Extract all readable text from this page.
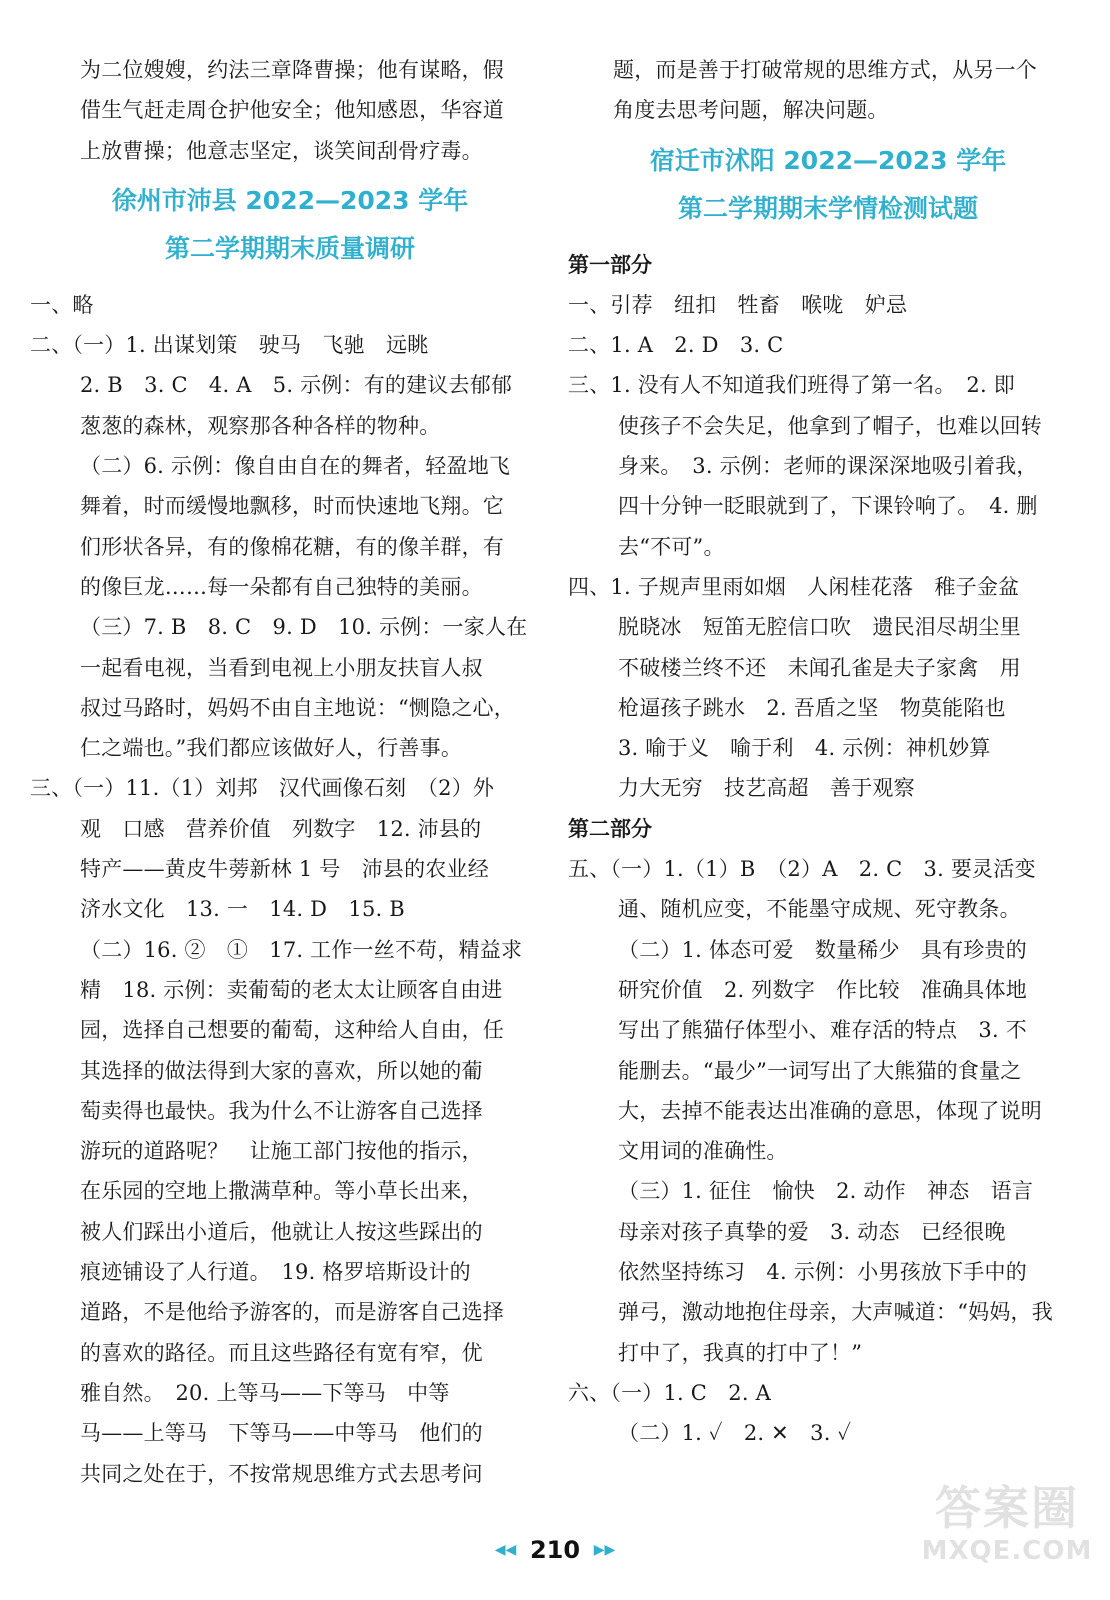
为二位嫂嫂，约法三章降曹操；他有谋略，假
借生气赶走周仓护他安全；他知感恩，华容道
上放曹操；他意志坚定，谈笑间刮骨疗毒。
徐州市沛县 2022—2023 学年
第二学期期末质量调研
一、略
二、（一）1. 出谋划策　驶马　飞驰　远眺
2. B　3. C　4. A　5. 示例：有的建议去郁郁
葱葱的森林，观察那各种各样的物种。
（二）6. 示例：像自由自在的舞者，轻盈地飞
舞着，时而缓慢地飘移，时而快速地飞翔。它
们形状各异，有的像棉花糖，有的像羊群，有
的像巨龙……每一朵都有自己独特的美丽。
（三）7. B　8. C　9. D　10. 示例：一家人在
一起看电视，当看到电视上小朋友扶盲人叔
叔过马路时，妈妈不由自主地说：“恻隐之心，
仁之端也。”我们都应该做好人，行善事。
三、（一）11.（1）刘邦　汉代画像石刻　（2）外
观　口感　营养价值　列数字　12. 沛县的
特产——黄皮牛蒡新林 1 号　沛县的农业经
济水文化　13. 一　14. D　15. B
（二）16. ②　①　17. 工作一丝不苟，精益求
精　18. 示例：卖葡萄的老太太让顾客自由进
园，选择自己想要的葡萄，这种给人自由，任
其选择的做法得到大家的喜欢，所以她的葡
萄卖得也最快。我为什么不让游客自己选择
游玩的道路呢？　让施工部门按他的指示，
在乐园的空地上撒满草种。等小草长出来，
被人们踩出小道后，他就让人按这些踩出的
痕迹铺设了人行道。　19. 格罗培斯设计的
道路，不是他给予游客的，而是游客自己选择
的喜欢的路径。而且这些路径有宽有窄，优
雅自然。　20. 上等马——下等马　中等
马——上等马　下等马——中等马　他们的
共同之处在于，不按常规思维方式去思考问
题，而是善于打破常规的思维方式，从另一个
角度去思考问题，解决问题。
宿迁市沭阳 2022—2023 学年
第二学期期末学情检测试题
第一部分
一、引荐　纽扣　牲畜　喉咙　妒忌
二、1. A　2. D　3. C
三、1. 没有人不知道我们班得了第一名。　2. 即
使孩子不会失足，他拿到了帽子，也难以回转
身来。　3. 示例：老师的课深深地吸引着我，
四十分钟一眨眼就到了，下课铃响了。　4. 删
去“不可”。
四、1. 子规声里雨如烟　人闲桂花落　稚子金盆
脱晓冰　短笛无腔信口吹　遗民泪尽胡尘里
不破楼兰终不还　未闻孔雀是夫子家禽　用
枪逼孩子跳水　2. 吾盾之坚　物莫能陷也
3. 喻于义　喻于利　4. 示例：神机妙算
力大无穷　技艺高超　善于观察
第二部分
五、（一）1.（1）B　（2）A　2. C　3. 要灵活变
通、随机应变，不能墨守成规、死守教条。
（二）1. 体态可爱　数量稀少　具有珍贵的
研究价值　2. 列数字　作比较　准确具体地
写出了熊猫仔体型小、难存活的特点　3. 不
能删去。“最少”一词写出了大熊猫的食量之
大，去掉不能表达出准确的意思，体现了说明
文用词的准确性。
（三）1. 征住　愉快　2. 动作　神态　语言
母亲对孩子真挚的爱　3. 动态　已经很晚
依然坚持练习　4. 示例：小男孩放下手中的
弹弓，激动地抱住母亲，大声喊道：“妈妈，我
打中了，我真的打中了！”
六、（一）1. C　2. A
（二）1. ✓　2. ✕　3. ✓
◀◀ 210 ▶▶
答案圈
MXQE.COM
